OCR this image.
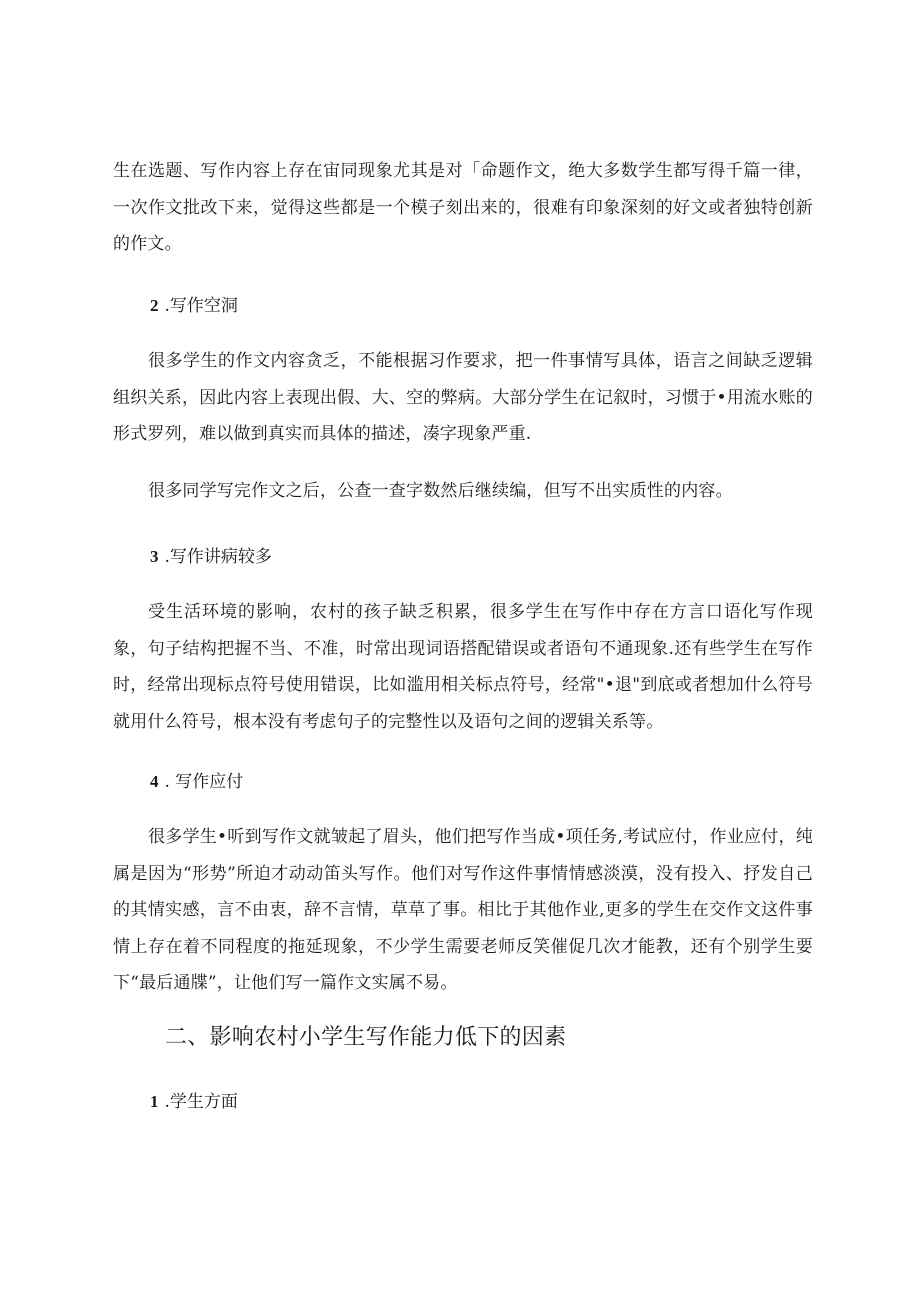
生在选题、写作内容上存在宙同现象尤其是对「命题作文，绝大多数学生都写得千篇一律，一次作文批改下来，觉得这些都是一个模子刻出来的，很难有印象深刻的好文或者独特创新的作文。

2 .写作空洞

很多学生的作文内容贪乏，不能根据习作要求，把一件事情写具体，语言之间缺乏逻辑组织关系，因此内容上表现出假、大、空的弊病。大部分学生在记叙时，习惯于•用流水账的形式罗列，难以做到真实而具体的描述，凑字现象严重.

很多同学写完作文之后，公查一查字数然后继续编，但写不出实质性的内容。

3 .写作讲病较多

受生活环境的影响，农村的孩子缺乏积累，很多学生在写作中存在方言口语化写作现象，句子结构把握不当、不准，时常出现词语搭配错误或者语句不通现象.还有些学生在写作时，经常出现标点符号使用错误，比如滥用相关标点符号，经常"•退"到底或者想加什么符号就用什么符号，根本没有考虑句子的完整性以及语句之间的逻辑关系等。

4 . 写作应付

很多学生•听到写作文就皱起了眉头，他们把写作当成•项任务,考试应付，作业应付，纯属是因为“形势”所迫才动动笛头写作。他们对写作这件事情情感淡漠，没有投入、抒发自己的其情实感，言不由衷，辞不言情，草草了事。相比于其他作业,更多的学生在交作文这件事情上存在着不同程度的拖延现象，不少学生需要老师反笑催促几次才能教，还有个别学生要下“最后通牒”，让他们写一篇作文实属不易。

二、影响农村小学生写作能力低下的因素

1 .学生方面
